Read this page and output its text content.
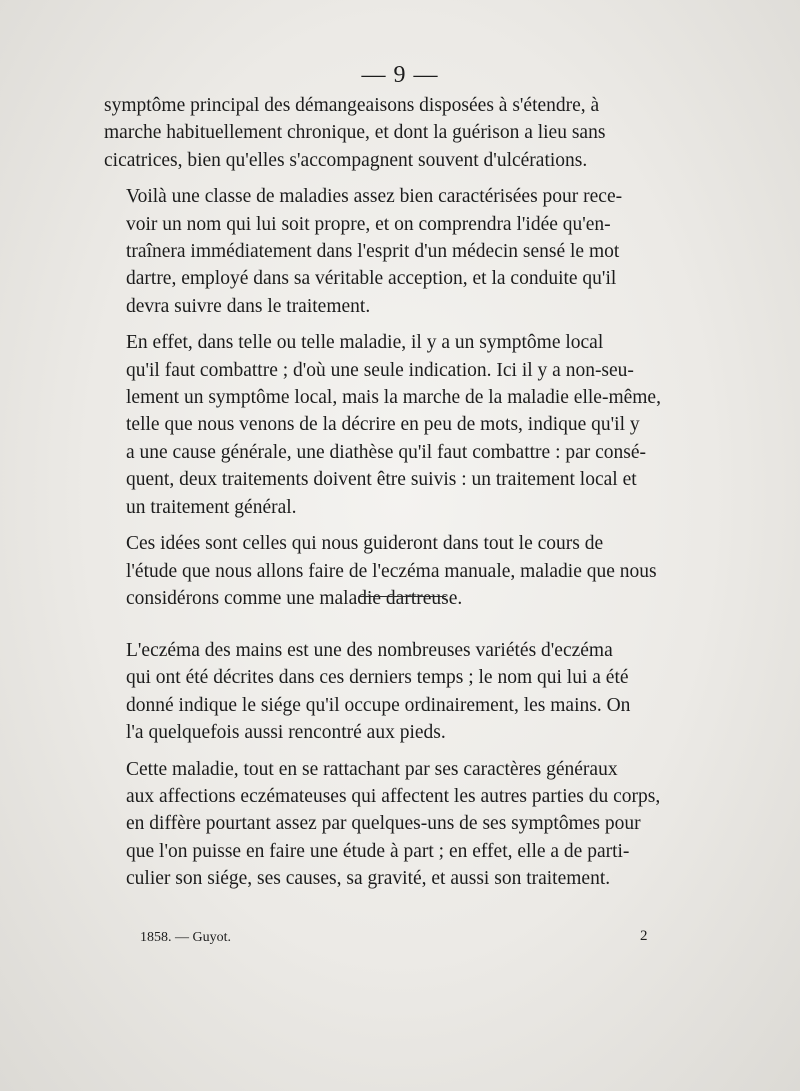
— 9 —

symptôme principal des démangeaisons disposées à s'étendre, à
marche habituellement chronique, et dont la guérison a lieu sans
cicatrices, bien qu'elles s'accompagnent souvent d'ulcérations.

Voilà une classe de maladies assez bien caractérisées pour rece-
voir un nom qui lui soit propre, et on comprendra l'idée qu'en-
traînera immédiatement dans l'esprit d'un médecin sensé le mot
dartre, employé dans sa véritable acception, et la conduite qu'il
devra suivre dans le traitement.

En effet, dans telle ou telle maladie, il y a un symptôme local
qu'il faut combattre ; d'où une seule indication. Ici il y a non-seu-
lement un symptôme local, mais la marche de la maladie elle-même,
telle que nous venons de la décrire en peu de mots, indique qu'il y
a une cause générale, une diathèse qu'il faut combattre : par consé-
quent, deux traitements doivent être suivis : un traitement local et
un traitement général.

Ces idées sont celles qui nous guideront dans tout le cours de
l'étude que nous allons faire de l'eczéma manuale, maladie que nous
considérons comme une maladie dartreuse.

L'eczéma des mains est une des nombreuses variétés d'eczéma
qui ont été décrites dans ces derniers temps ; le nom qui lui a été
donné indique le siége qu'il occupe ordinairement, les mains. On
l'a quelquefois aussi rencontré aux pieds.

Cette maladie, tout en se rattachant par ses caractères généraux
aux affections eczémateuses qui affectent les autres parties du corps,
en diffère pourtant assez par quelques-uns de ses symptômes pour
que l'on puisse en faire une étude à part ; en effet, elle a de parti-
culier son siége, ses causes, sa gravité, et aussi son traitement.

1858. — Guyot.	2
